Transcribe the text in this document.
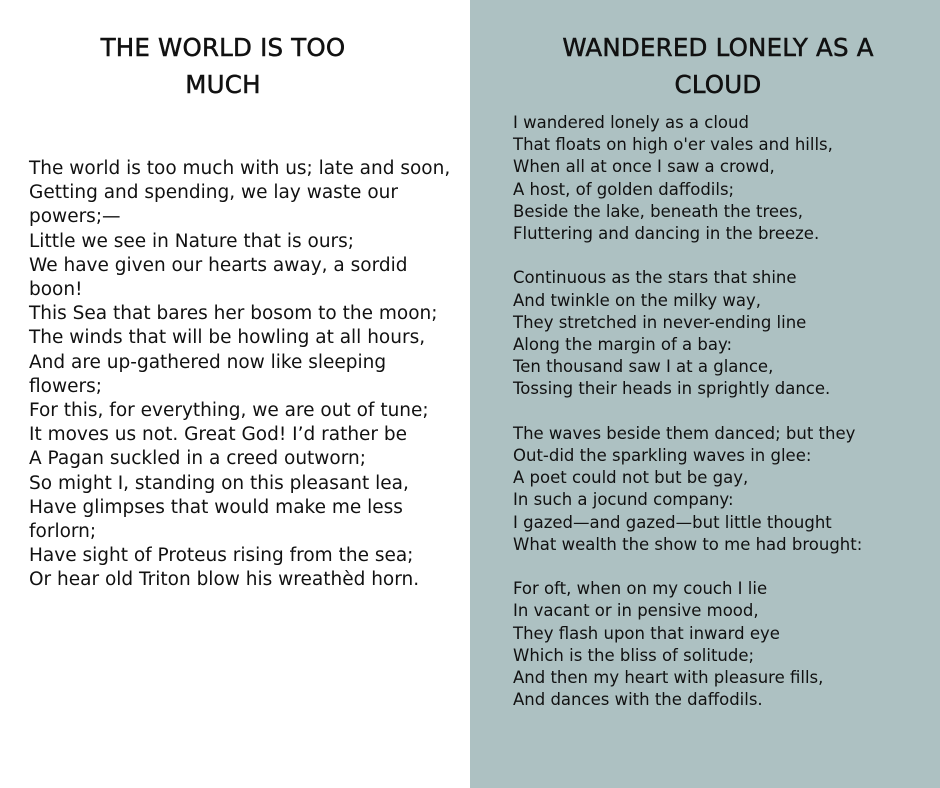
THE WORLD IS TOO MUCH
The world is too much with us; late and soon,
Getting and spending, we lay waste our powers;—
Little we see in Nature that is ours;
We have given our hearts away, a sordid boon!
This Sea that bares her bosom to the moon;
The winds that will be howling at all hours,
And are up-gathered now like sleeping flowers;
For this, for everything, we are out of tune;
It moves us not. Great God! I’d rather be
A Pagan suckled in a creed outworn;
So might I, standing on this pleasant lea,
Have glimpses that would make me less forlorn;
Have sight of Proteus rising from the sea;
Or hear old Triton blow his wreathèd horn.
WANDERED LONELY AS A CLOUD
I wandered lonely as a cloud
That floats on high o'er vales and hills,
When all at once I saw a crowd,
A host, of golden daffodils;
Beside the lake, beneath the trees,
Fluttering and dancing in the breeze.
Continuous as the stars that shine
And twinkle on the milky way,
They stretched in never-ending line
Along the margin of a bay:
Ten thousand saw I at a glance,
Tossing their heads in sprightly dance.
The waves beside them danced; but they
Out-did the sparkling waves in glee:
A poet could not but be gay,
In such a jocund company:
I gazed—and gazed—but little thought
What wealth the show to me had brought:
For oft, when on my couch I lie
In vacant or in pensive mood,
They flash upon that inward eye
Which is the bliss of solitude;
And then my heart with pleasure fills,
And dances with the daffodils.
